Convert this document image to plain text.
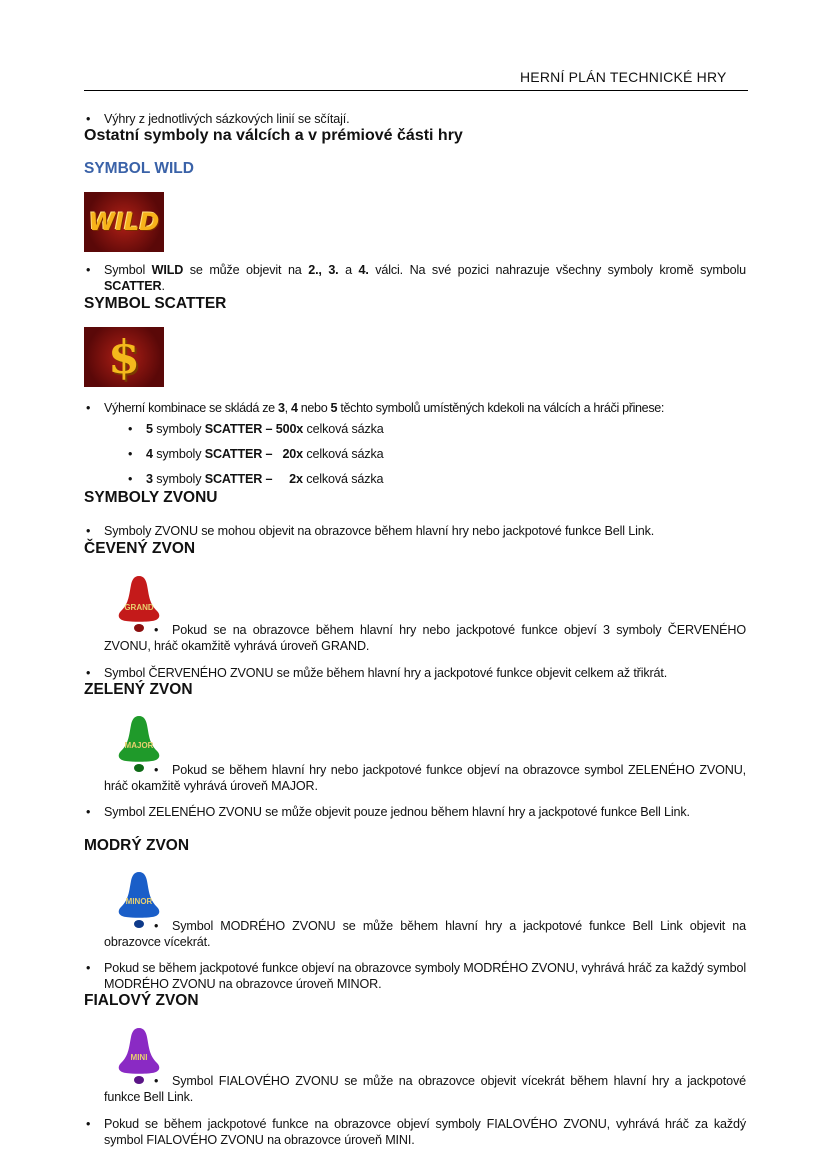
HERNÍ PLÁN TECHNICKÉ HRY
• Výhry z jednotlivých sázkových linií se sčítají.
Ostatní symboly na válcích a v prémiové části hry
SYMBOL WILD
WILD
• Symbol WILD se může objevit na 2., 3. a 4. válci. Na své pozici nahrazuje všechny symboly kromě symbolu SCATTER.
SYMBOL SCATTER
$
• Výherní kombinace se skládá ze 3, 4 nebo 5 těchto symbolů umístěných kdekoli na válcích a hráči přinese:
• 5 symboly SCATTER – 500x celková sázka
• 4 symboly SCATTER –   20x celková sázka
• 3 symboly SCATTER –     2x celková sázka
SYMBOLY ZVONU
• Symboly ZVONU se mohou objevit na obrazovce během hlavní hry nebo jackpotové funkce Bell Link.
ČEVENÝ ZVON
GRAND
• Pokud se na obrazovce během hlavní hry nebo jackpotové funkce objeví 3 symboly ČERVENÉHO ZVONU, hráč okamžitě vyhrává úroveň GRAND.
• Symbol ČERVENÉHO ZVONU se může během hlavní hry a jackpotové funkce objevit celkem až třikrát.
ZELENÝ ZVON
MAJOR
• Pokud se během hlavní hry nebo jackpotové funkce objeví na obrazovce symbol ZELENÉHO ZVONU, hráč okamžitě vyhrává úroveň MAJOR.
• Symbol ZELENÉHO ZVONU se může objevit pouze jednou během hlavní hry a jackpotové funkce Bell Link.
MODRÝ ZVON
MINOR
• Symbol MODRÉHO ZVONU se může během hlavní hry a jackpotové funkce Bell Link objevit na obrazovce vícekrát.
• Pokud se během jackpotové funkce objeví na obrazovce symboly MODRÉHO ZVONU, vyhrává hráč za každý symbol MODRÉHO ZVONU na obrazovce úroveň MINOR.
FIALOVÝ ZVON
MINI
• Symbol FIALOVÉHO ZVONU se může na obrazovce objevit vícekrát během hlavní hry a jackpotové funkce Bell Link.
• Pokud se během jackpotové funkce na obrazovce objeví symboly FIALOVÉHO ZVONU, vyhrává hráč za každý symbol FIALOVÉHO ZVONU na obrazovce úroveň MINI.
